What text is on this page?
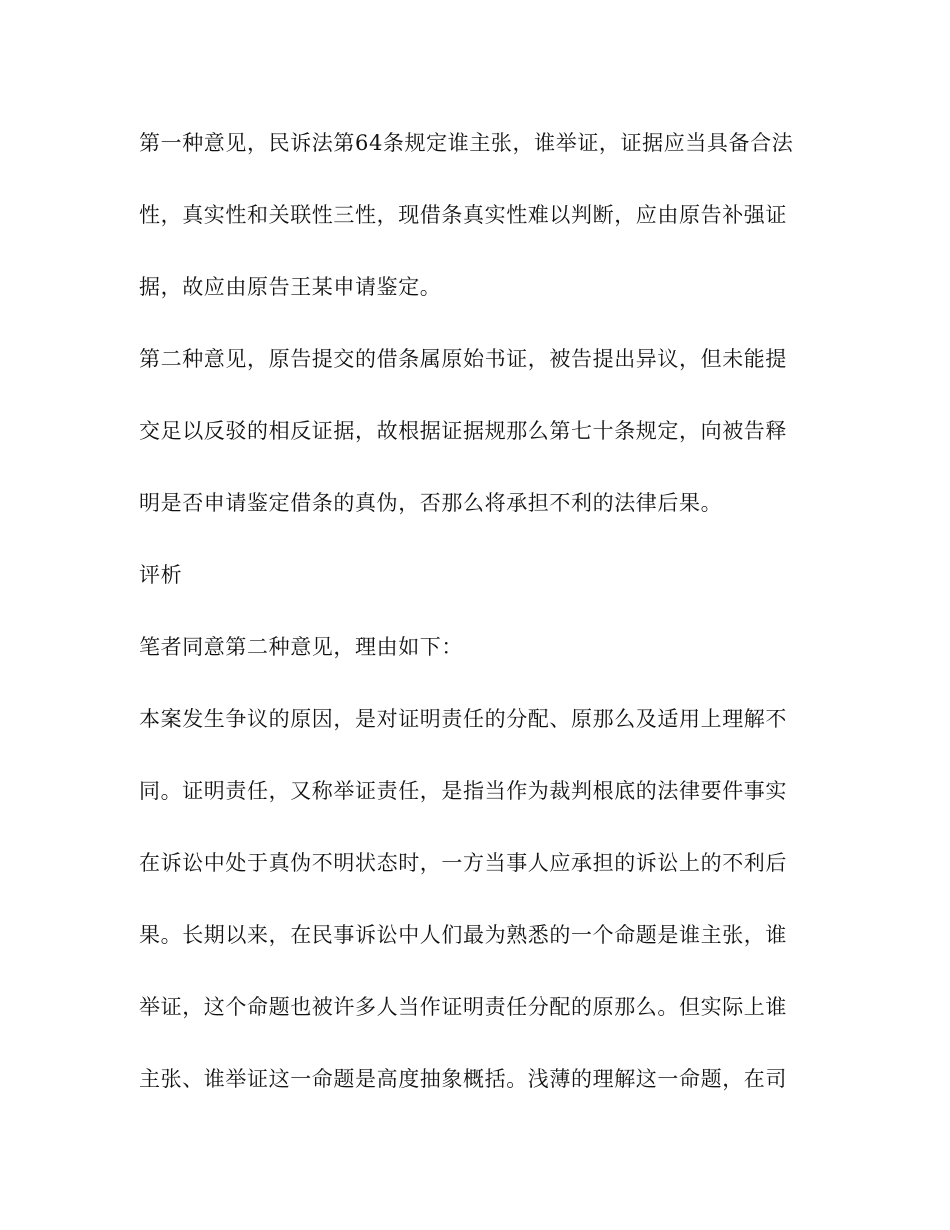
第一种意见，民诉法第64条规定谁主张，谁举证，证据应当具备合法

性，真实性和关联性三性，现借条真实性难以判断，应由原告补强证

据，故应由原告王某申请鉴定。

第二种意见，原告提交的借条属原始书证，被告提出异议，但未能提

交足以反驳的相反证据，故根据证据规那么第七十条规定，向被告释

明是否申请鉴定借条的真伪，否那么将承担不利的法律后果。

评析

笔者同意第二种意见，理由如下：

本案发生争议的原因，是对证明责任的分配、原那么及适用上理解不

同。证明责任，又称举证责任，是指当作为裁判根底的法律要件事实

在诉讼中处于真伪不明状态时，一方当事人应承担的诉讼上的不利后

果。长期以来，在民事诉讼中人们最为熟悉的一个命题是谁主张，谁

举证，这个命题也被许多人当作证明责任分配的原那么。但实际上谁

主张、谁举证这一命题是高度抽象概括。浅薄的理解这一命题，在司
